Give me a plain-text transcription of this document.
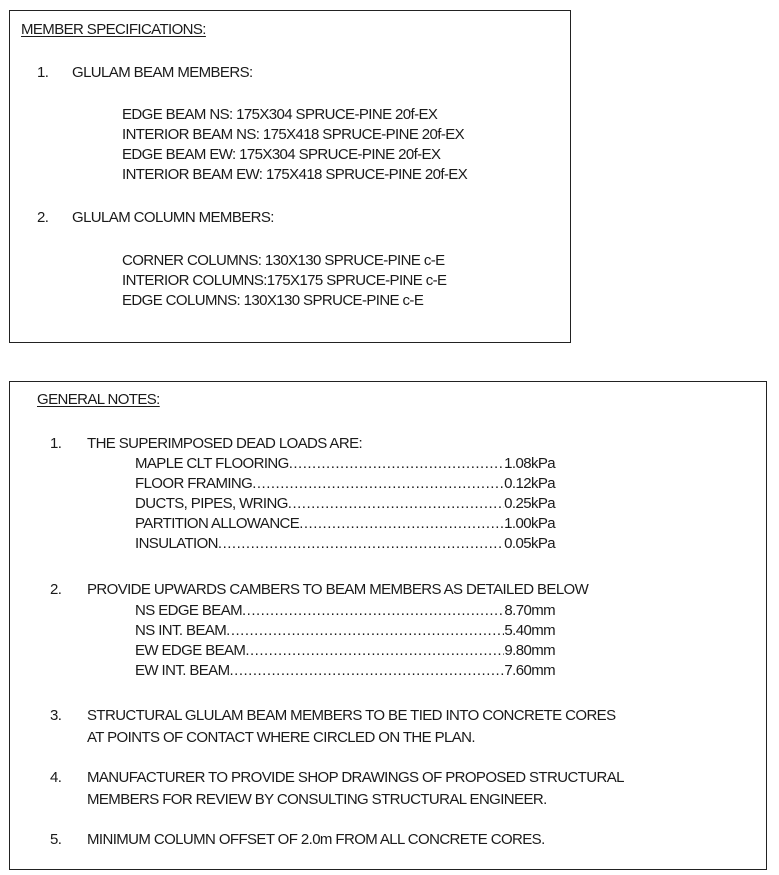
MEMBER SPECIFICATIONS:
1. GLULAM BEAM MEMBERS:
EDGE BEAM NS: 175X304 SPRUCE-PINE 20f-EX
INTERIOR BEAM NS: 175X418 SPRUCE-PINE 20f-EX
EDGE BEAM EW: 175X304 SPRUCE-PINE 20f-EX
INTERIOR BEAM EW: 175X418 SPRUCE-PINE 20f-EX
2. GLULAM COLUMN MEMBERS:
CORNER COLUMNS: 130X130 SPRUCE-PINE c-E
INTERIOR COLUMNS:175X175 SPRUCE-PINE c-E
EDGE COLUMNS: 130X130 SPRUCE-PINE c-E
GENERAL NOTES:
1. THE SUPERIMPOSED DEAD LOADS ARE:
MAPLE CLT FLOORING .....	1.08kPa
FLOOR FRAMING .....	0.12kPa
DUCTS, PIPES, WRING .....	0.25kPa
PARTITION ALLOWANCE .....	1.00kPa
INSULATION .....	0.05kPa
2. PROVIDE UPWARDS CAMBERS TO BEAM MEMBERS AS DETAILED BELOW
NS EDGE BEAM .....	8.70mm
NS INT. BEAM .....	5.40mm
EW EDGE BEAM .....	9.80mm
EW INT. BEAM .....	7.60mm
3. STRUCTURAL GLULAM BEAM MEMBERS TO BE TIED INTO CONCRETE CORES
AT POINTS OF CONTACT WHERE CIRCLED ON THE PLAN.
4. MANUFACTURER TO PROVIDE SHOP DRAWINGS OF PROPOSED STRUCTURAL
MEMBERS FOR REVIEW BY CONSULTING STRUCTURAL ENGINEER.
5. MINIMUM COLUMN OFFSET OF 2.0m FROM ALL CONCRETE CORES.
